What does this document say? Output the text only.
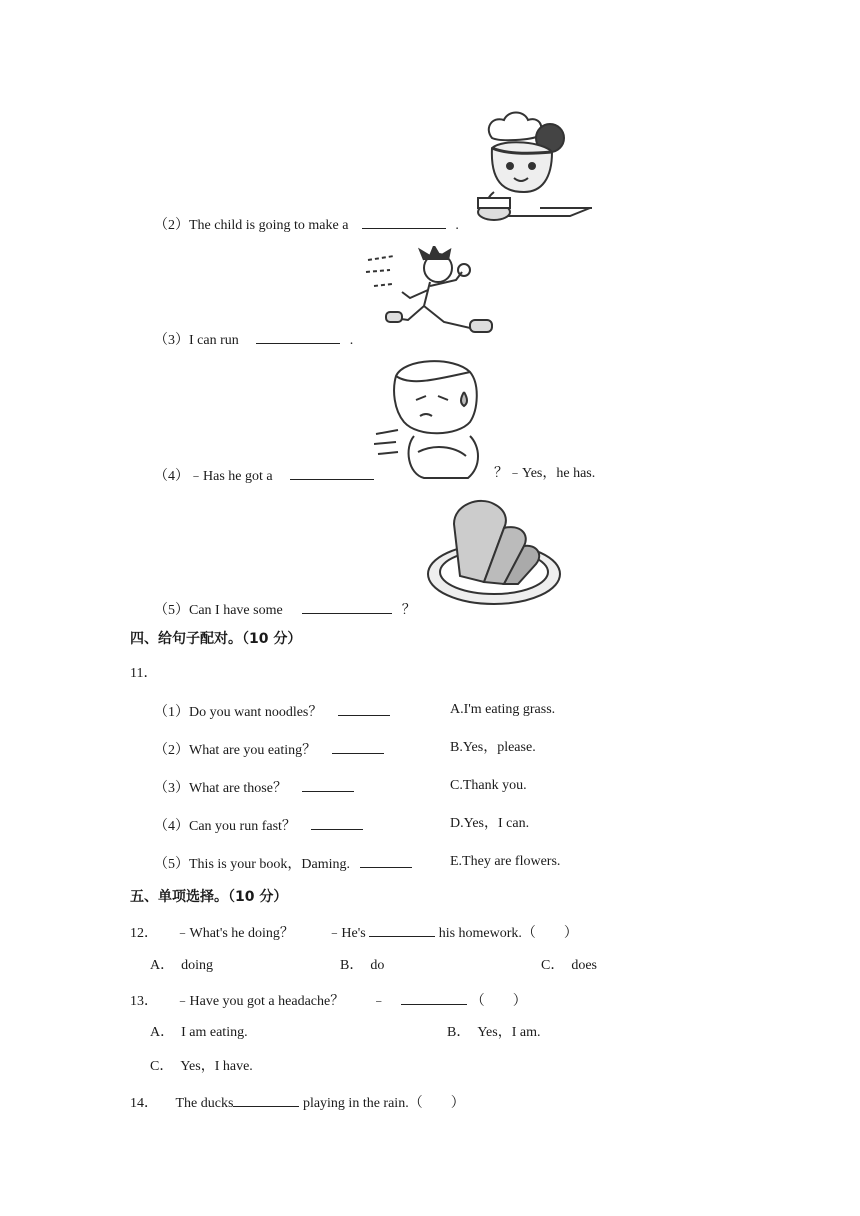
（2）The child is going to make a	.
（3）I can run	.
（4）﹣Has he got a	？﹣Yes，he has.
（5）Can I have some	？
四、给句子配对。（10 分）
11．
（1）Do you want noodles？
（2）What are you eating？
（3）What are those？
（4）Can you run fast？
（5）This is your book，Daming.
A.I'm eating grass.
B.Yes，please.
C.Thank you.
D.Yes，I can.
E.They are flowers.
五、单项选择。（10 分）
12． ﹣What's he doing？ ﹣He's	his homework.（　　）
A．　doing	B．　do	C．　does
13． ﹣Have you got a headache？ ﹣	（　　）
A．　I am eating.	B．　Yes，I am.
C．　Yes，I have.
14． The ducks	playing in the rain.（　　）
